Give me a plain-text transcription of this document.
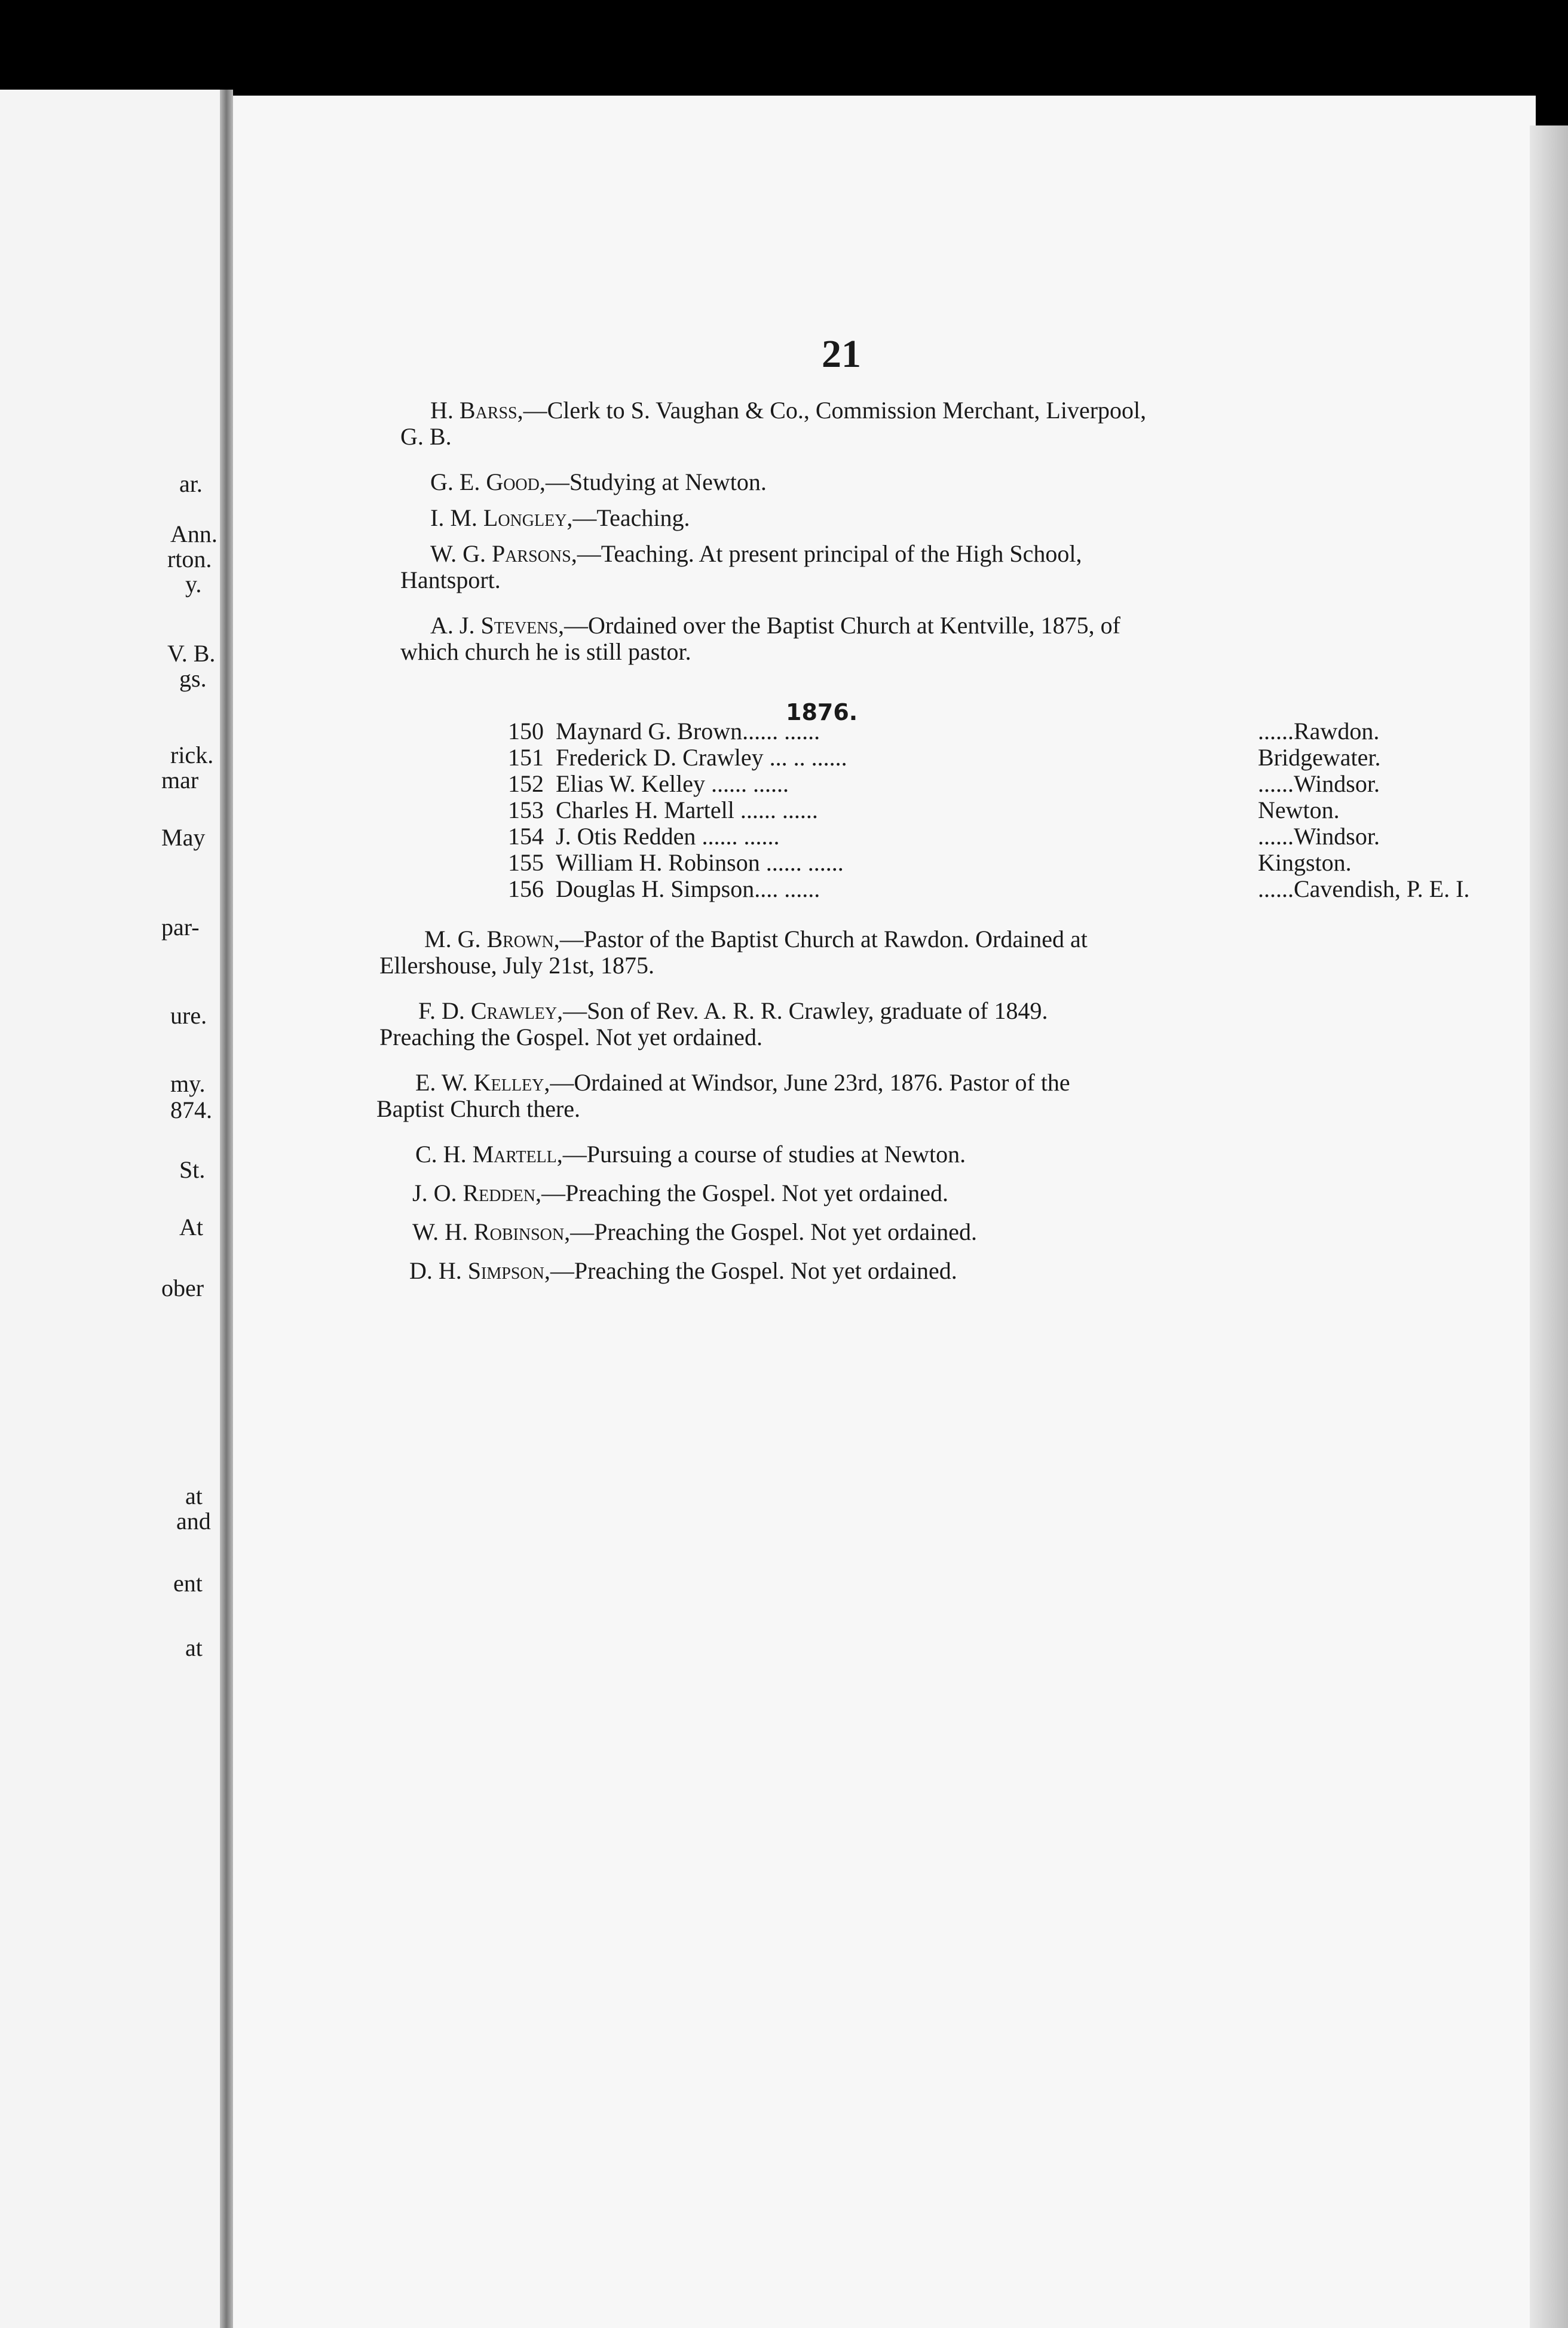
ar.
Ann.
rton.
y.
V. B.
gs.
rick.
mar
May
par-
ure.
my.
874.
St.
At
ober
at
and
ent
at
21
H. Barss,—Clerk to S. Vaughan & Co., Commission Merchant, Liverpool,
G. B.
G. E. Good,—Studying at Newton.
I. M. Longley,—Teaching.
W. G. Parsons,—Teaching. At present principal of the High School,
Hantsport.
A. J. Stevens,—Ordained over the Baptist Church at Kentville, 1875, of
which church he is still pastor.
1876.
150 Maynard G. Brown...... ......	......Rawdon.
151 Frederick D. Crawley ... .. ......	Bridgewater.
152 Elias W. Kelley ...... ......	......Windsor.
153 Charles H. Martell ...... ......	Newton.
154 J. Otis Redden ...... ......	......Windsor.
155 William H. Robinson ...... ......	Kingston.
156 Douglas H. Simpson.... ......	......Cavendish, P. E. I.
M. G. Brown,—Pastor of the Baptist Church at Rawdon. Ordained at
Ellershouse, July 21st, 1875.
F. D. Crawley,—Son of Rev. A. R. R. Crawley, graduate of 1849.
Preaching the Gospel. Not yet ordained.
E. W. Kelley,—Ordained at Windsor, June 23rd, 1876. Pastor of the
Baptist Church there.
C. H. Martell,—Pursuing a course of studies at Newton.
J. O. Redden,—Preaching the Gospel. Not yet ordained.
W. H. Robinson,—Preaching the Gospel. Not yet ordained.
D. H. Simpson,—Preaching the Gospel. Not yet ordained.
